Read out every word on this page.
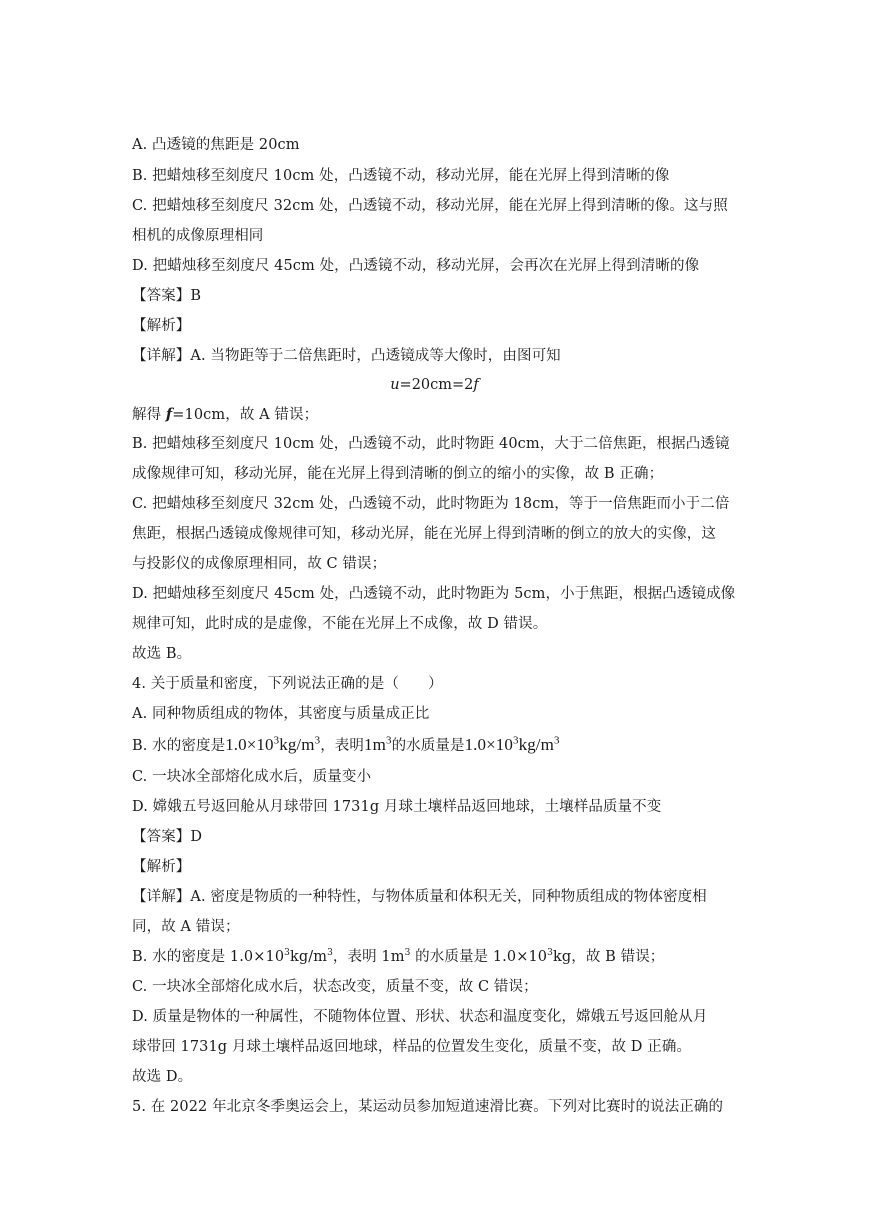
A. 凸透镜的焦距是 20cm
B. 把蜡烛移至刻度尺 10cm 处，凸透镜不动，移动光屏，能在光屏上得到清晰的像
C. 把蜡烛移至刻度尺 32cm 处，凸透镜不动，移动光屏，能在光屏上得到清晰的像。这与照
相机的成像原理相同
D. 把蜡烛移至刻度尺 45cm 处，凸透镜不动，移动光屏，会再次在光屏上得到清晰的像
【答案】B
【解析】
【详解】A. 当物距等于二倍焦距时，凸透镜成等大像时，由图可知
u=20cm=2f
解得 f=10cm，故 A 错误；
B. 把蜡烛移至刻度尺 10cm 处，凸透镜不动，此时物距 40cm，大于二倍焦距，根据凸透镜
成像规律可知，移动光屏，能在光屏上得到清晰的倒立的缩小的实像，故 B 正确；
C. 把蜡烛移至刻度尺 32cm 处，凸透镜不动，此时物距为 18cm，等于一倍焦距而小于二倍
焦距，根据凸透镜成像规律可知，移动光屏，能在光屏上得到清晰的倒立的放大的实像，这
与投影仪的成像原理相同，故 C 错误；
D. 把蜡烛移至刻度尺 45cm 处，凸透镜不动，此时物距为 5cm，小于焦距，根据凸透镜成像
规律可知，此时成的是虚像，不能在光屏上不成像，故 D 错误。
故选 B。
4. 关于质量和密度，下列说法正确的是（　　）
A. 同种物质组成的物体，其密度与质量成正比
B. 水的密度是$1.0\times 10^3kg/m^3$，表明$1m^3$的水质量是$1.0\times 10^3kg/m^3$
C. 一块冰全部熔化成水后，质量变小
D. 嫦娥五号返回舱从月球带回 1731g 月球土壤样品返回地球，土壤样品质量不变
【答案】D
【解析】
【详解】A. 密度是物质的一种特性，与物体质量和体积无关，同种物质组成的物体密度相
同，故 A 错误；
B. 水的密度是 $1.0\times 10^3kg/m^3$，表明 $1m^3$ 的水质量是 $1.0\times 10^3kg$，故 B 错误；
C. 一块冰全部熔化成水后，状态改变，质量不变，故 C 错误；
D. 质量是物体的一种属性，不随物体位置、形状、状态和温度变化，嫦娥五号返回舱从月
球带回 1731g 月球土壤样品返回地球，样品的位置发生变化，质量不变，故 D 正确。
故选 D。
5. 在 2022 年北京冬季奥运会上，某运动员参加短道速滑比赛。下列对比赛时的说法正确的
